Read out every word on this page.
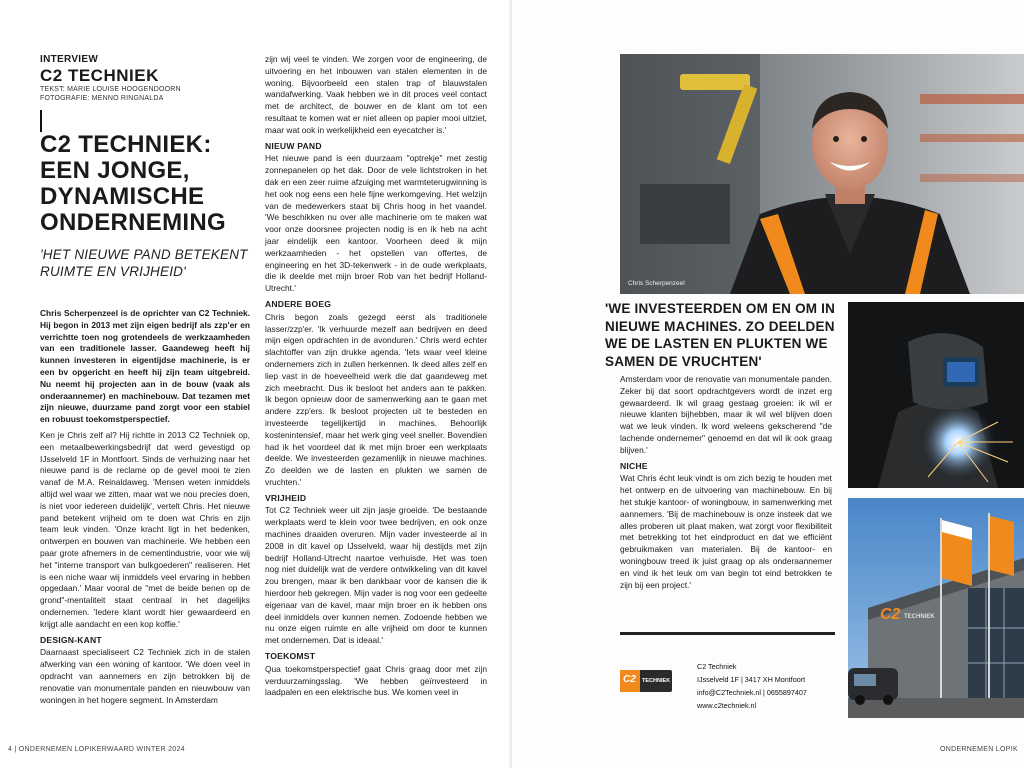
INTERVIEW
C2 TECHNIEK
TEKST: MARIE LOUISE HOOGENDOORN
FOTOGRAFIE: MENNO RINGNALDA
C2 TECHNIEK:
EEN JONGE,
DYNAMISCHE
ONDERNEMING
'HET NIEUWE PAND BETEKENT RUIMTE EN VRIJHEID'

Chris Scherpenzeel is de oprichter van C2 Techniek. Hij begon in 2013 met zijn eigen bedrijf als zzp'er en verrichtte toen nog grotendeels de werkzaamheden van een traditionele lasser. Gaandeweg heeft hij kunnen investeren in eigentijdse machinerie, is er een bv opgericht en heeft hij zijn team uitgebreid. Nu neemt hij projecten aan in de bouw (vaak als onderaannemer) en machinebouw. Dat tezamen met zijn nieuwe, duurzame pand zorgt voor een stabiel en robuust toekomstperspectief.

Ken je Chris zelf al? Hij richtte in 2013 C2 Techniek op, een metaalbewerkingsbedrijf dat werd gevestigd op IJsselveld 1F in Montfoort. Sinds de verhuizing naar het nieuwe pand is de reclame op de gevel mooi te zien vanaf de M.A. Reinaldaweg. 'Mensen weten inmiddels altijd wel waar we zitten, maar wat we nou precies doen, is niet voor iedereen duidelijk', vertelt Chris. Het nieuwe pand betekent vrijheid om te doen wat Chris en zijn team leuk vinden. 'Onze kracht ligt in het bedenken, ontwerpen en bouwen van machinerie. We hebben een paar grote afnemers in de cementindustrie, voor wie wij het "interne transport van bulkgoederen" realiseren. Het is een niche waar wij inmiddels veel ervaring in hebben opgedaan.' Maar vooral de "met de beide benen op de grond"-mentaliteit staat centraal in het dagelijks ondernemen. 'Iedere klant wordt hier gewaardeerd en krijgt alle aandacht en een kop koffie.'

DESIGN-KANT

Daarnaast specialiseert C2 Techniek zich in de stalen afwerking van een woning of kantoor. 'We doen veel in opdracht van aannemers en zijn betrokken bij de renovatie van monumentale panden en nieuwbouw van woningen in het hogere segment. In Amsterdam

zijn wij veel te vinden. We zorgen voor de engineering, de uitvoering en het inbouwen van stalen elementen in de woning. Bijvoorbeeld een stalen trap of blauwstalen wandafwerking. Vaak hebben we in dit proces veel contact met de architect, de bouwer en de klant om tot een resultaat te komen wat er niet alleen op papier mooi uitziet, maar wat ook in werkelijkheid een eyecatcher is.'

NIEUW PAND

Het nieuwe pand is een duurzaam "optrekje" met zestig zonnepanelen op het dak. Door de vele lichtstroken in het dak en een zeer ruime afzuiging met warmteterugwinning is het ook nog eens een hele fijne werkomgeving. Het welzijn van de medewerkers staat bij Chris hoog in het vaandel. 'We beschikken nu over alle machinerie om te maken wat voor onze doorsnee projecten nodig is en ik heb na acht jaar eindelijk een kantoor. Voorheen deed ik mijn werkzaamheden - het opstellen van offertes, de engineering en het 3D-tekenwerk - in de oude werkplaats, die ik deelde met mijn broer Rob van het bedrijf Holland-Utrecht.'

ANDERE BOEG

Chris begon zoals gezegd eerst als traditionele lasser/zzp'er. 'Ik verhuurde mezelf aan bedrijven en deed mijn eigen opdrachten in de avonduren.' Chris werd echter slachtoffer van zijn drukke agenda. 'Iets waar veel kleine ondernemers zich in zullen herkennen. Ik deed alles zelf en liep vast in de hoeveelheid werk die dat gaandeweg met zich meebracht. Dus ik besloot het anders aan te pakken. Ik begon opnieuw door de samenwerking aan te gaan met andere zzp'ers. Ik besloot projecten uit te besteden en investeerde tegelijkertijd in machines. Behoorlijk kostenintensief, maar het werk ging veel sneller. Bovendien had ik het voordeel dat ik met mijn broer een werkplaats deelde. We investeerden gezamenlijk in nieuwe machines. Zo deelden we de lasten en plukten we samen de vruchten.'

VRIJHEID

Tot C2 Techniek weer uit zijn jasje groeide. 'De bestaande werkplaats werd te klein voor twee bedrijven, en ook onze machines draaiden overuren. Mijn vader investeerde al in 2008 in dit kavel op IJsselveld, waar hij destijds met zijn bedrijf Holland-Utrecht naartoe verhuisde. Het was toen nog niet duidelijk wat de verdere ontwikkeling van dit kavel zou brengen, maar ik ben dankbaar voor de kansen die ik hierdoor heb gekregen. Mijn vader is nog voor een gedeelte eigenaar van de kavel, maar mijn broer en ik hebben ons deel inmiddels over kunnen nemen. Zodoende hebben we nu onze eigen ruimte en alle vrijheid om door te kunnen met ondernemen. Dat is ideaal.'

TOEKOMST

Qua toekomstperspectief gaat Chris graag door met zijn verduurzamingsslag. 'We hebben geïnvesteerd in laadpalen en een elektrische bus. We komen veel in

4 | ONDERNEMEN LOPIKERWAARD WINTER 2024
Chris Scherpenzeel
'WE INVESTEERDEN OM EN OM IN NIEUWE MACHINES. ZO DEELDEN WE DE LASTEN EN PLUKTEN WE SAMEN DE VRUCHTEN'

Amsterdam voor de renovatie van monumentale panden. Zeker bij dat soort opdrachtgevers wordt de inzet erg gewaardeerd. Ik wil graag gestaag groeien: ik wil er nieuwe klanten bijhebben, maar ik wil wel blijven doen wat we leuk vinden. Ik word weleens gekscherend "de lachende ondernemer" genoemd en dat wil ik ook graag blijven.'

NICHE

Wat Chris écht leuk vindt is om zich bezig te houden met het ontwerp en de uitvoering van machinebouw. En bij het stukje kantoor- of woningbouw, in samenwerking met aannemers. 'Bij de machinebouw is onze insteek dat we alles proberen uit plaat maken, wat zorgt voor flexibiliteit met betrekking tot het eindproduct en dat we efficiënt gebruikmaken van materialen. Bij de kantoor- en woningbouw treed ik juist graag op als onderaannemer en vind ik het leuk om van begin tot eind betrokken te zijn bij een project.'

C2 TECHNIEK
C2 Techniek
IJsselveld 1F | 3417 XH Montfoort
info@C2Techniek.nl | 0655897407
www.c2techniek.nl
C2 TECHNIEK
ONDERNEMEN LOPIK
